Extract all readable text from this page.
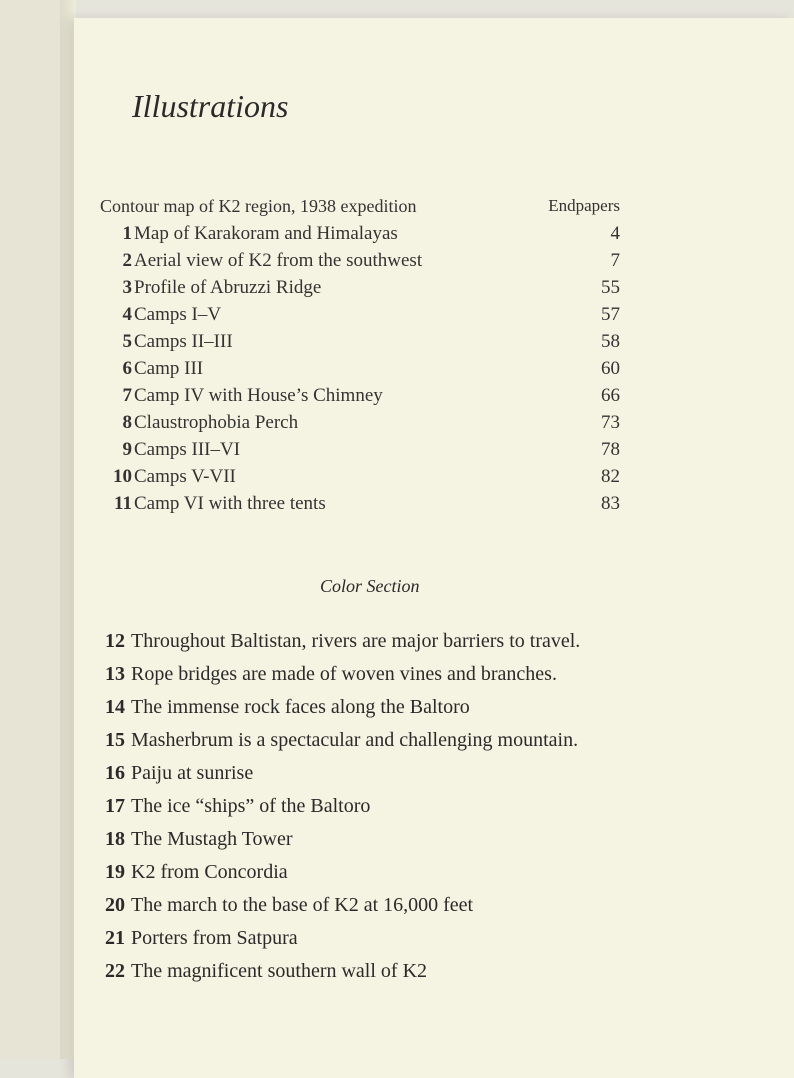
Illustrations
Contour map of K2 region, 1938 expedition	Endpapers
1 Map of Karakoram and Himalayas	4
2 Aerial view of K2 from the southwest	7
3 Profile of Abruzzi Ridge	55
4 Camps I–V	57
5 Camps II–III	58
6 Camp III	60
7 Camp IV with House’s Chimney	66
8 Claustrophobia Perch	73
9 Camps III–VI	78
10 Camps V-VII	82
11 Camp VI with three tents	83
Color Section
12 Throughout Baltistan, rivers are major barriers to travel.
13 Rope bridges are made of woven vines and branches.
14 The immense rock faces along the Baltoro
15 Masherbrum is a spectacular and challenging mountain.
16 Paiju at sunrise
17 The ice “ships” of the Baltoro
18 The Mustagh Tower
19 K2 from Concordia
20 The march to the base of K2 at 16,000 feet
21 Porters from Satpura
22 The magnificent southern wall of K2
